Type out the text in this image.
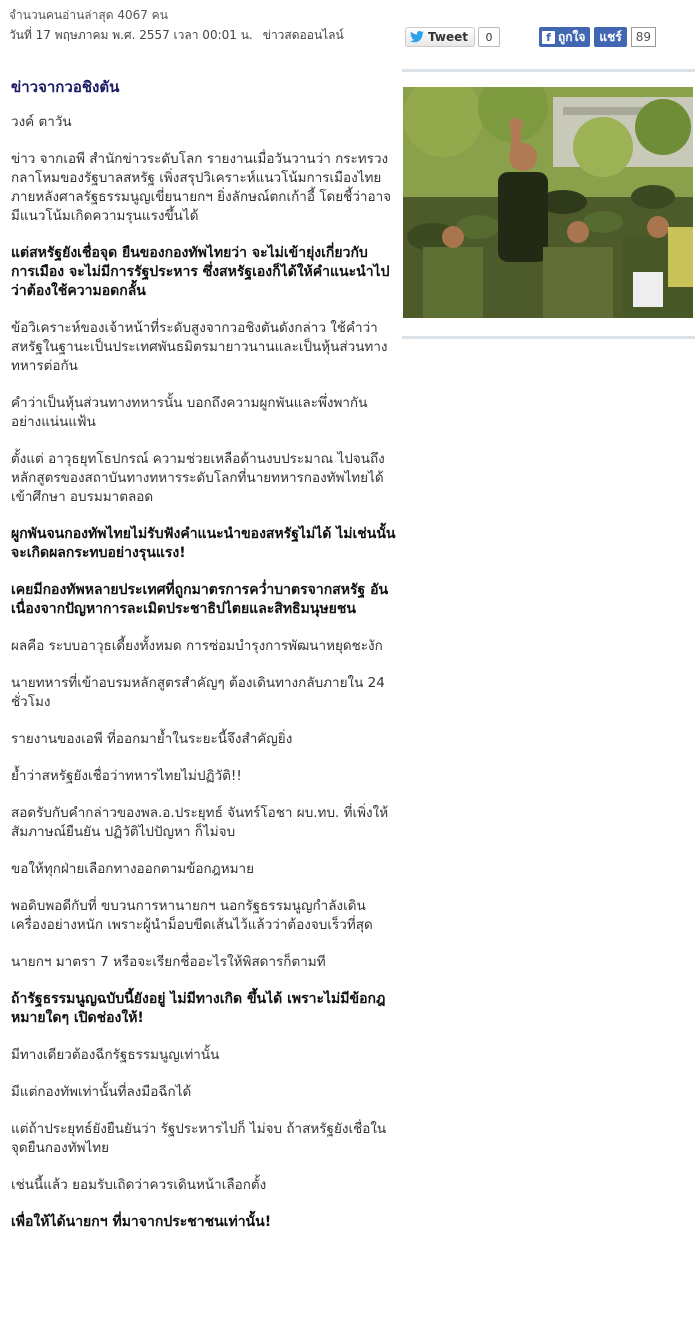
จำนวนคนอ่านล่าสุด 4067 คน
วันที่ 17 พฤษภาคม พ.ศ. 2557 เวลา 00:01 น. ข่าวสดออนไลน์	Tweet	0	f ถูกใจ แชร์	89
ข่าวจากวอชิงตัน

วงค์ ตาวัน

ข่าว จากเอพี สำนักข่าวระดับโลก รายงานเมื่อวันวานว่า กระทรวงกลาโหมของรัฐบาลสหรัฐ เพิ่งสรุปวิเคราะห์แนวโน้มการเมืองไทย ภายหลังศาลรัฐธรรมนูญเขี่ยนายกฯ ยิ่งลักษณ์ตกเก้าอี้ โดยชี้ว่าอาจมีแนวโน้มเกิดความรุนแรงขึ้นได้

แต่สหรัฐยังเชื่อจุด ยืนของกองทัพไทยว่า จะไม่เข้ายุ่งเกี่ยวกับการเมือง จะไม่มีการรัฐประหาร ซึ่งสหรัฐเองก็ได้ให้คำแนะนำไปว่าต้องใช้ความอดกลั้น

ข้อวิเคราะห์ของเจ้าหน้าที่ระดับสูงจากวอชิงตันดังกล่าว ใช้คำว่า สหรัฐในฐานะเป็นประเทศพันธมิตรมายาวนานและเป็นหุ้นส่วนทางทหารต่อกัน

คำว่าเป็นหุ้นส่วนทางทหารนั้น บอกถึงความผูกพันและพึ่งพากันอย่างแน่นแฟ้น

ตั้งแต่ อาวุธยุทโธปกรณ์ ความช่วยเหลือด้านงบประมาณ ไปจนถึงหลักสูตรของสถาบันทางทหารระดับโลกที่นายทหารกองทัพไทยได้เข้าศึกษา อบรมมาตลอด

ผูกพันจนกองทัพไทยไม่รับฟังคำแนะนำของสหรัฐไม่ได้ ไม่เช่นนั้นจะเกิดผลกระทบอย่างรุนแรง!

เคยมีกองทัพหลายประเทศที่ถูกมาตรการคว่ำบาตรจากสหรัฐ อันเนื่องจากปัญหาการละเมิดประชาธิปไตยและสิทธิมนุษยชน

ผลคือ ระบบอาวุธเดี้ยงทั้งหมด การซ่อมบำรุงการพัฒนาหยุดชะงัก

นายทหารที่เข้าอบรมหลักสูตรสำคัญๆ ต้องเดินทางกลับภายใน 24 ชั่วโมง

รายงานของเอพี ที่ออกมาย้ำในระยะนี้จึงสำคัญยิ่ง

ย้ำว่าสหรัฐยังเชื่อว่าทหารไทยไม่ปฏิวัติ!!

สอดรับกับคำกล่าวของพล.อ.ประยุทธ์ จันทร์โอชา ผบ.ทบ. ที่เพิ่งให้สัมภาษณ์ยืนยัน ปฏิวัติไปปัญหา ก็ไม่จบ

ขอให้ทุกฝ่ายเลือกทางออกตามข้อกฎหมาย

พอดิบพอดีกับที่ ขบวนการหานายกฯ นอกรัฐธรรมนูญกำลังเดินเครื่องอย่างหนัก เพราะผู้นำม็อบขีดเส้นไว้แล้วว่าต้องจบเร็วที่สุด

นายกฯ มาตรา 7 หรือจะเรียกชื่ออะไรให้พิสดารก็ตามที

ถ้ารัฐธรรมนูญฉบับนี้ยังอยู่ ไม่มีทางเกิด ขึ้นได้ เพราะไม่มีข้อกฎหมายใดๆ เปิดช่องให้!

มีทางเดียวต้องฉีกรัฐธรรมนูญเท่านั้น

มีแต่กองทัพเท่านั้นที่ลงมือฉีกได้

แต่ถ้าประยุทธ์ยังยืนยันว่า รัฐประหารไปก็ ไม่จบ ถ้าสหรัฐยังเชื่อในจุดยืนกองทัพไทย

เช่นนี้แล้ว ยอมรับเถิดว่าควรเดินหน้าเลือกตั้ง

เพื่อให้ได้นายกฯ ที่มาจากประชาชนเท่านั้น!
